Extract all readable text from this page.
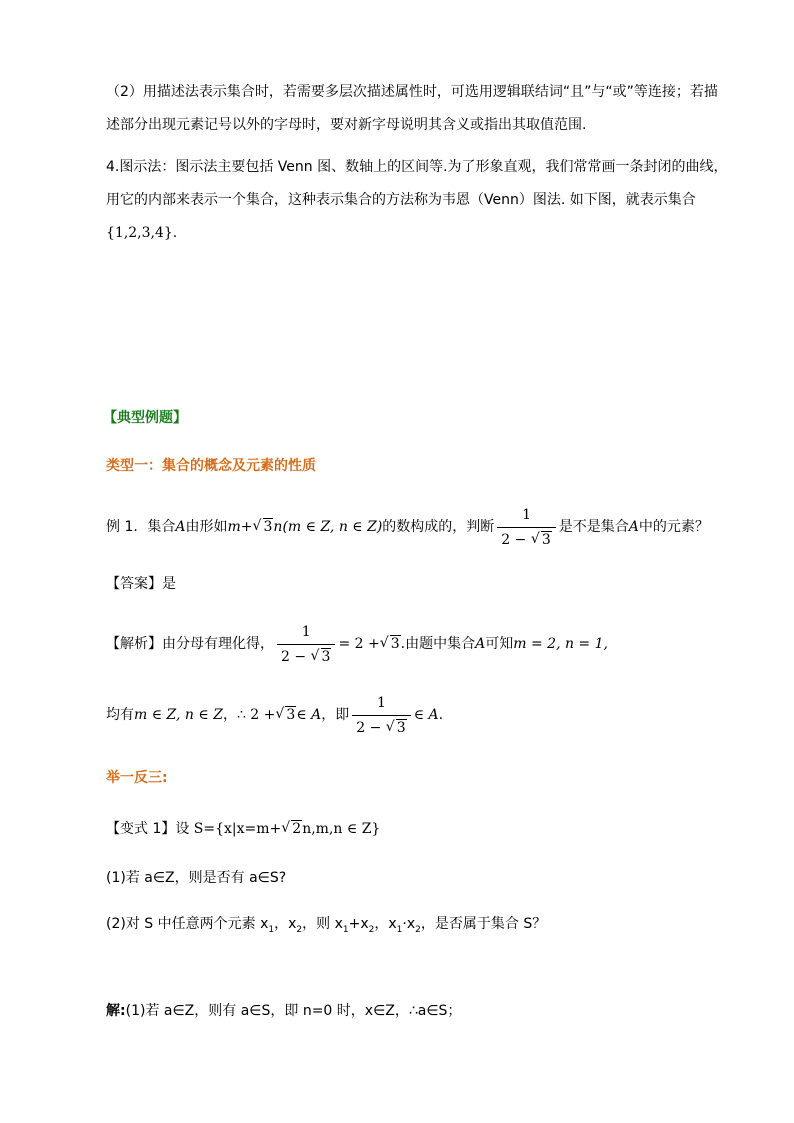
（2）用描述法表示集合时，若需要多层次描述属性时，可选用逻辑联结词“且”与“或”等连接；若描
述部分出现元素记号以外的字母时，要对新字母说明其含义或指出其取值范围.
4.图示法：图示法主要包括 Venn 图、数轴上的区间等.为了形象直观，我们常常画一条封闭的曲线，
用它的内部来表示一个集合，这种表示集合的方法称为韦恩（Venn）图法. 如下图，就表示集合
{1,2,3,4}.
【典型例题】
类型一：集合的概念及元素的性质
例 1．集合 A 由形如 m + √ 3 n(m ∈ Z, n ∈ Z) 的数构成的，判断 $\frac{1}{2 - √ 3}$ 是不是集合 A 中的元素？
【答案】是
【解析】 由分母有理化得， $\frac{1}{2 - √ 3} = 2$ + √ 3 .由题中集合 A 可知 m = 2, n = 1,
均有 m ∈ Z, n ∈ Z ， ∴ 2 + √ 3 ∈ A ，即 $\frac{1}{2 - √ 3}$ ∈ A .
举一反三:
【变式 1】设 S={x|x=m+ √ 2n,m,n ∈ Z}
(1)若 a∈Z，则是否有 a∈S?
(2)对 S 中任意两个元素 $x_1$，$x_2$，则 $x_1+x_2$，$x_1\cdot x_2$，是否属于集合 S？
解:(1)若 a∈Z，则有 a∈S，即 n=0 时，x∈Z，∴a∈S；
